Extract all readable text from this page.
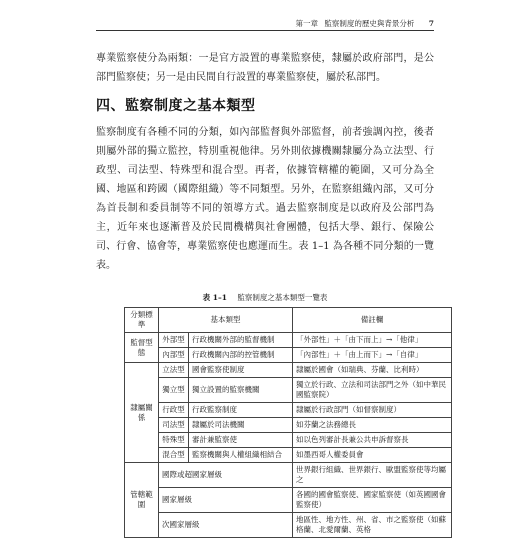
第一章 監察制度的歷史與背景分析 7

專業監察使分為兩類：一是官方設置的專業監察使，隸屬於政府部門，是公部門監察使；另一是由民間自行設置的專業監察使，屬於私部門。

四、監察制度之基本類型

監察制度有各種不同的分類，如內部監督與外部監督，前者強調內控，後者則屬外部的獨立監控，特別重視他律。另外則依據機關隸屬分為立法型、行政型、司法型、特殊型和混合型。再者，依據管轄權的範圍，又可分為全國、地區和跨國（國際組織）等不同類型。另外，在監察組織內部，又可分為首長制和委員制等不同的領導方式。過去監察制度是以政府及公部門為主，近年來也逐漸普及於民間機構與社會團體，包括大學、銀行、保險公司、行會、協會等，專業監察使也應運而生。表 1–1 為各種不同分類的一覽表。

表 1–1 監察制度之基本類型一覽表
分類標準	基本類型		備註欄
監督型態	外部型	行政機關外部的監督機制	「外部性」＋「由下而上」→「他律」
	內部型	行政機關內部的控管機制	「內部性」＋「由上而下」→「自律」
隸屬關係	立法型	國會監察使制度	隸屬於國會（如瑞典、芬蘭、比利時）
	獨立型	獨立設置的監察機關	獨立於行政、立法和司法部門之外（如中華民國監察院）
	行政型	行政監察制度	隸屬於行政部門（如督察制度）
	司法型	隸屬於司法機關	如芬蘭之法務總長
	特殊型	審計兼監察使	如以色列審計長兼公共申訴督察長
	混合型	監察機關與人權組織相結合	如墨西哥人權委員會
管轄範圍	國際或超國家層級		世界銀行組織、世界銀行、歐盟監察使等均屬之
	國家層級		各國的國會監察使、國家監察使（如英國國會監察使）
	次國家層級		地區性、地方性、州、省、市之監察使（如蘇格蘭、北愛爾蘭、英格
